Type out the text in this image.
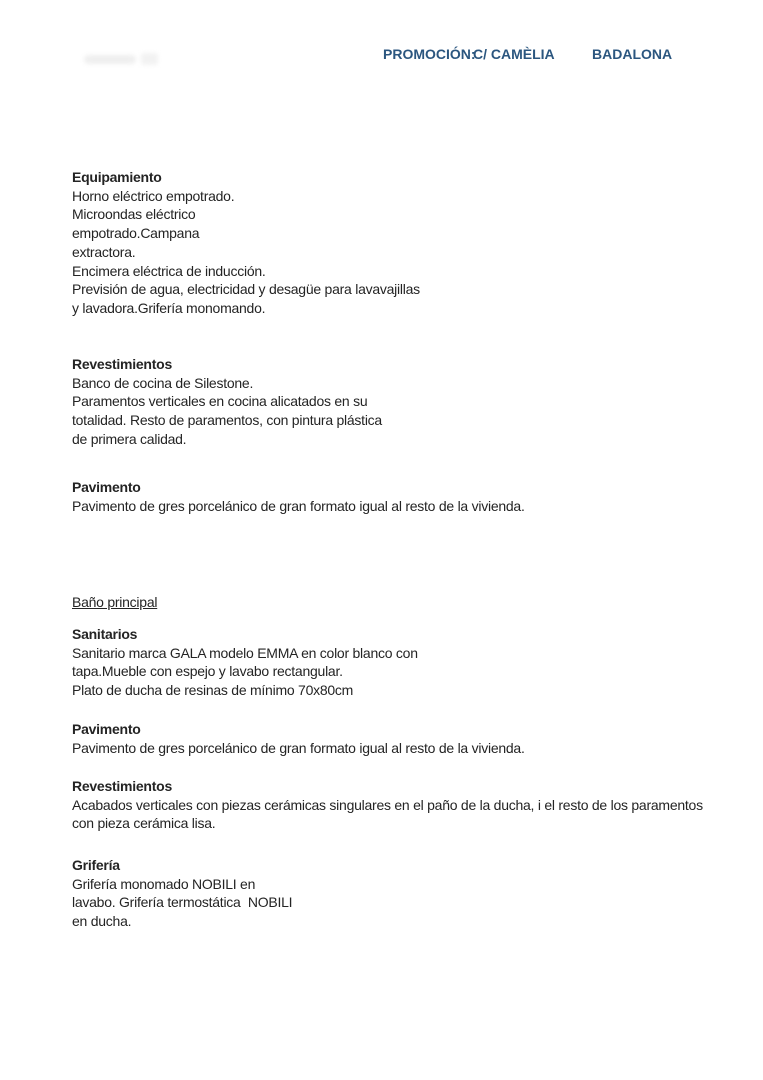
PROMOCIÓN:
C/ CAMÈLIA	BADALONA
Equipamiento
Horno eléctrico empotrado.
Microondas eléctrico
empotrado.Campana
extractora.
Encimera eléctrica de inducción.
Previsión de agua, electricidad y desagüe para lavavajillas
y lavadora.Grifería monomando.
Revestimientos
Banco de cocina de Silestone.
Paramentos verticales en cocina alicatados en su
totalidad. Resto de paramentos, con pintura plástica
de primera calidad.
Pavimento
Pavimento de gres porcelánico de gran formato igual al resto de la vivienda.
Baño principal
Sanitarios
Sanitario marca GALA modelo EMMA en color blanco con
tapa.Mueble con espejo y lavabo rectangular.
Plato de ducha de resinas de mínimo 70x80cm
Pavimento
Pavimento de gres porcelánico de gran formato igual al resto de la vivienda.
Revestimientos
Acabados verticales con piezas cerámicas singulares en el paño de la ducha, i el resto de los paramentos
con pieza cerámica lisa.
Grifería
Grifería monomado NOBILI en
lavabo. Grifería termostática  NOBILI
en ducha.
